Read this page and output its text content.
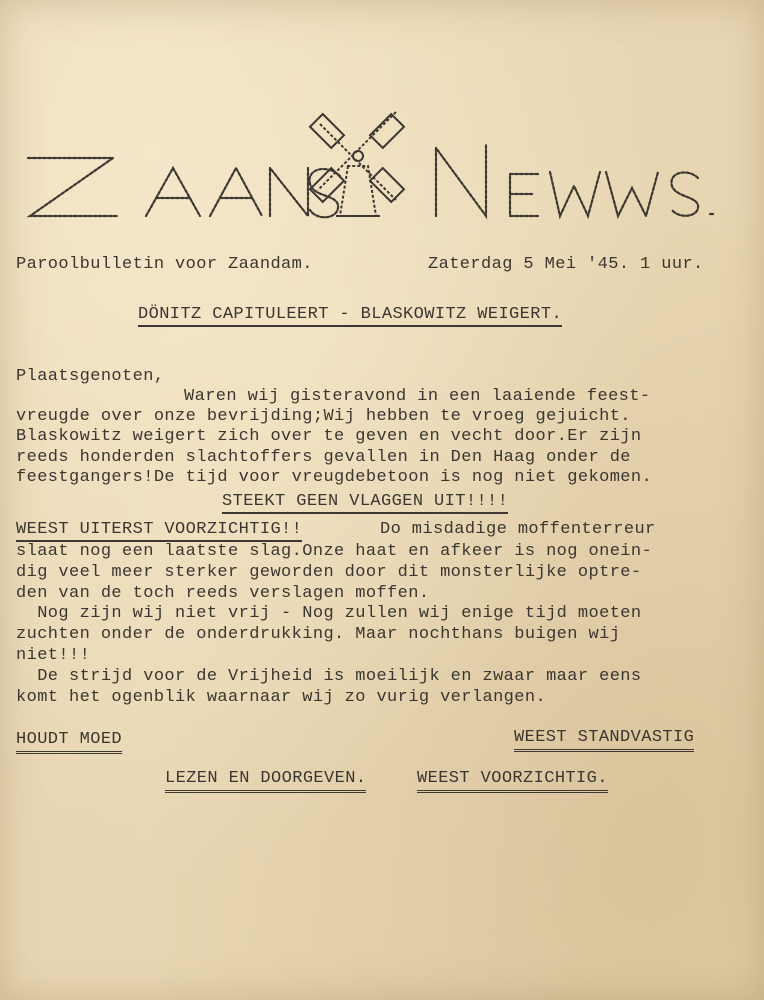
Paroolbulletin voor Zaandam.	Zaterdag 5 Mei '45. 1 uur.
DÖNITZ CAPITULEERT - BLASKOWITZ WEIGERT.
Plaatsgenoten,
Waren wij gisteravond in een laaiende feest-
vreugde over onze bevrijding;Wij hebben te vroeg gejuicht.
Blaskowitz weigert zich over te geven en vecht door.Er zijn
reeds honderden slachtoffers gevallen in Den Haag onder de
feestgangers!De tijd voor vreugdebetoon is nog niet gekomen.
STEEKT GEEN VLAGGEN UIT!!!!
WEEST UITERST VOORZICHTIG!!	Do misdadige moffenterreur
slaat nog een laatste slag.Onze haat en afkeer is nog onein-
dig veel meer sterker geworden door dit monsterlijke optre-
den van de toch reeds verslagen moffen.
Nog zijn wij niet vrij - Nog zullen wij enige tijd moeten
zuchten onder de onderdrukking. Maar nochthans buigen wij
niet!!!
De strijd voor de Vrijheid is moeilijk en zwaar maar eens
komt het ogenblik waarnaar wij zo vurig verlangen.
HOUDT MOED	WEEST STANDVASTIG
LEZEN EN DOORGEVEN.	WEEST VOORZICHTIG.
